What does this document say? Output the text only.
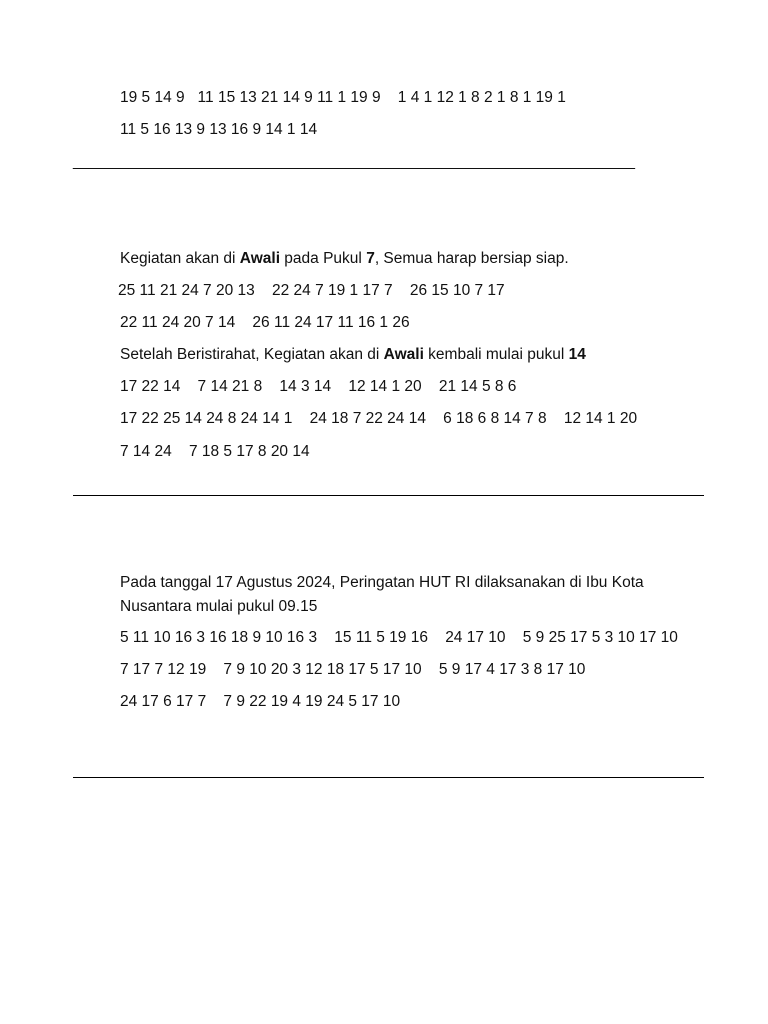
19 5 14 9   11 15 13 21 14 9 11 1 19 9    1 4 1 12 1 8 2 1 8 1 19 1
11 5 16 13 9 13 16 9 14 1 14
______________________________________________________________________
Kegiatan akan di Awali pada Pukul 7, Semua harap bersiap siap.
25 11 21 24 7 20 13    22 24 7 19 1 17 7    26 15 10 7 17
22 11 24 20 7 14    26 11 24 17 11 16 1 26
Setelah Beristirahat, Kegiatan akan di Awali kembali mulai pukul 14
17 22 14    7 14 21 8    14 3 14    12 14 1 20    21 14 5 8 6
17 22 25 14 24 8 24 14 1    24 18 7 22 24 14    6 18 6 8 14 7 8    12 14 1 20
7 14 24    7 18 5 17 8 20 14
Pada tanggal 17 Agustus 2024, Peringatan HUT RI dilaksanakan di Ibu Kota Nusantara mulai pukul 09.15
5 11 10 16 3 16 18 9 10 16 3    15 11 5 19 16    24 17 10    5 9 25 17 5 3 10 17 10
7 17 7 12 19    7 9 10 20 3 12 18 17 5 17 10    5 9 17 4 17 3 8 17 10
24 17 6 17 7    7 9 22 19 4 19 24 5 17 10
